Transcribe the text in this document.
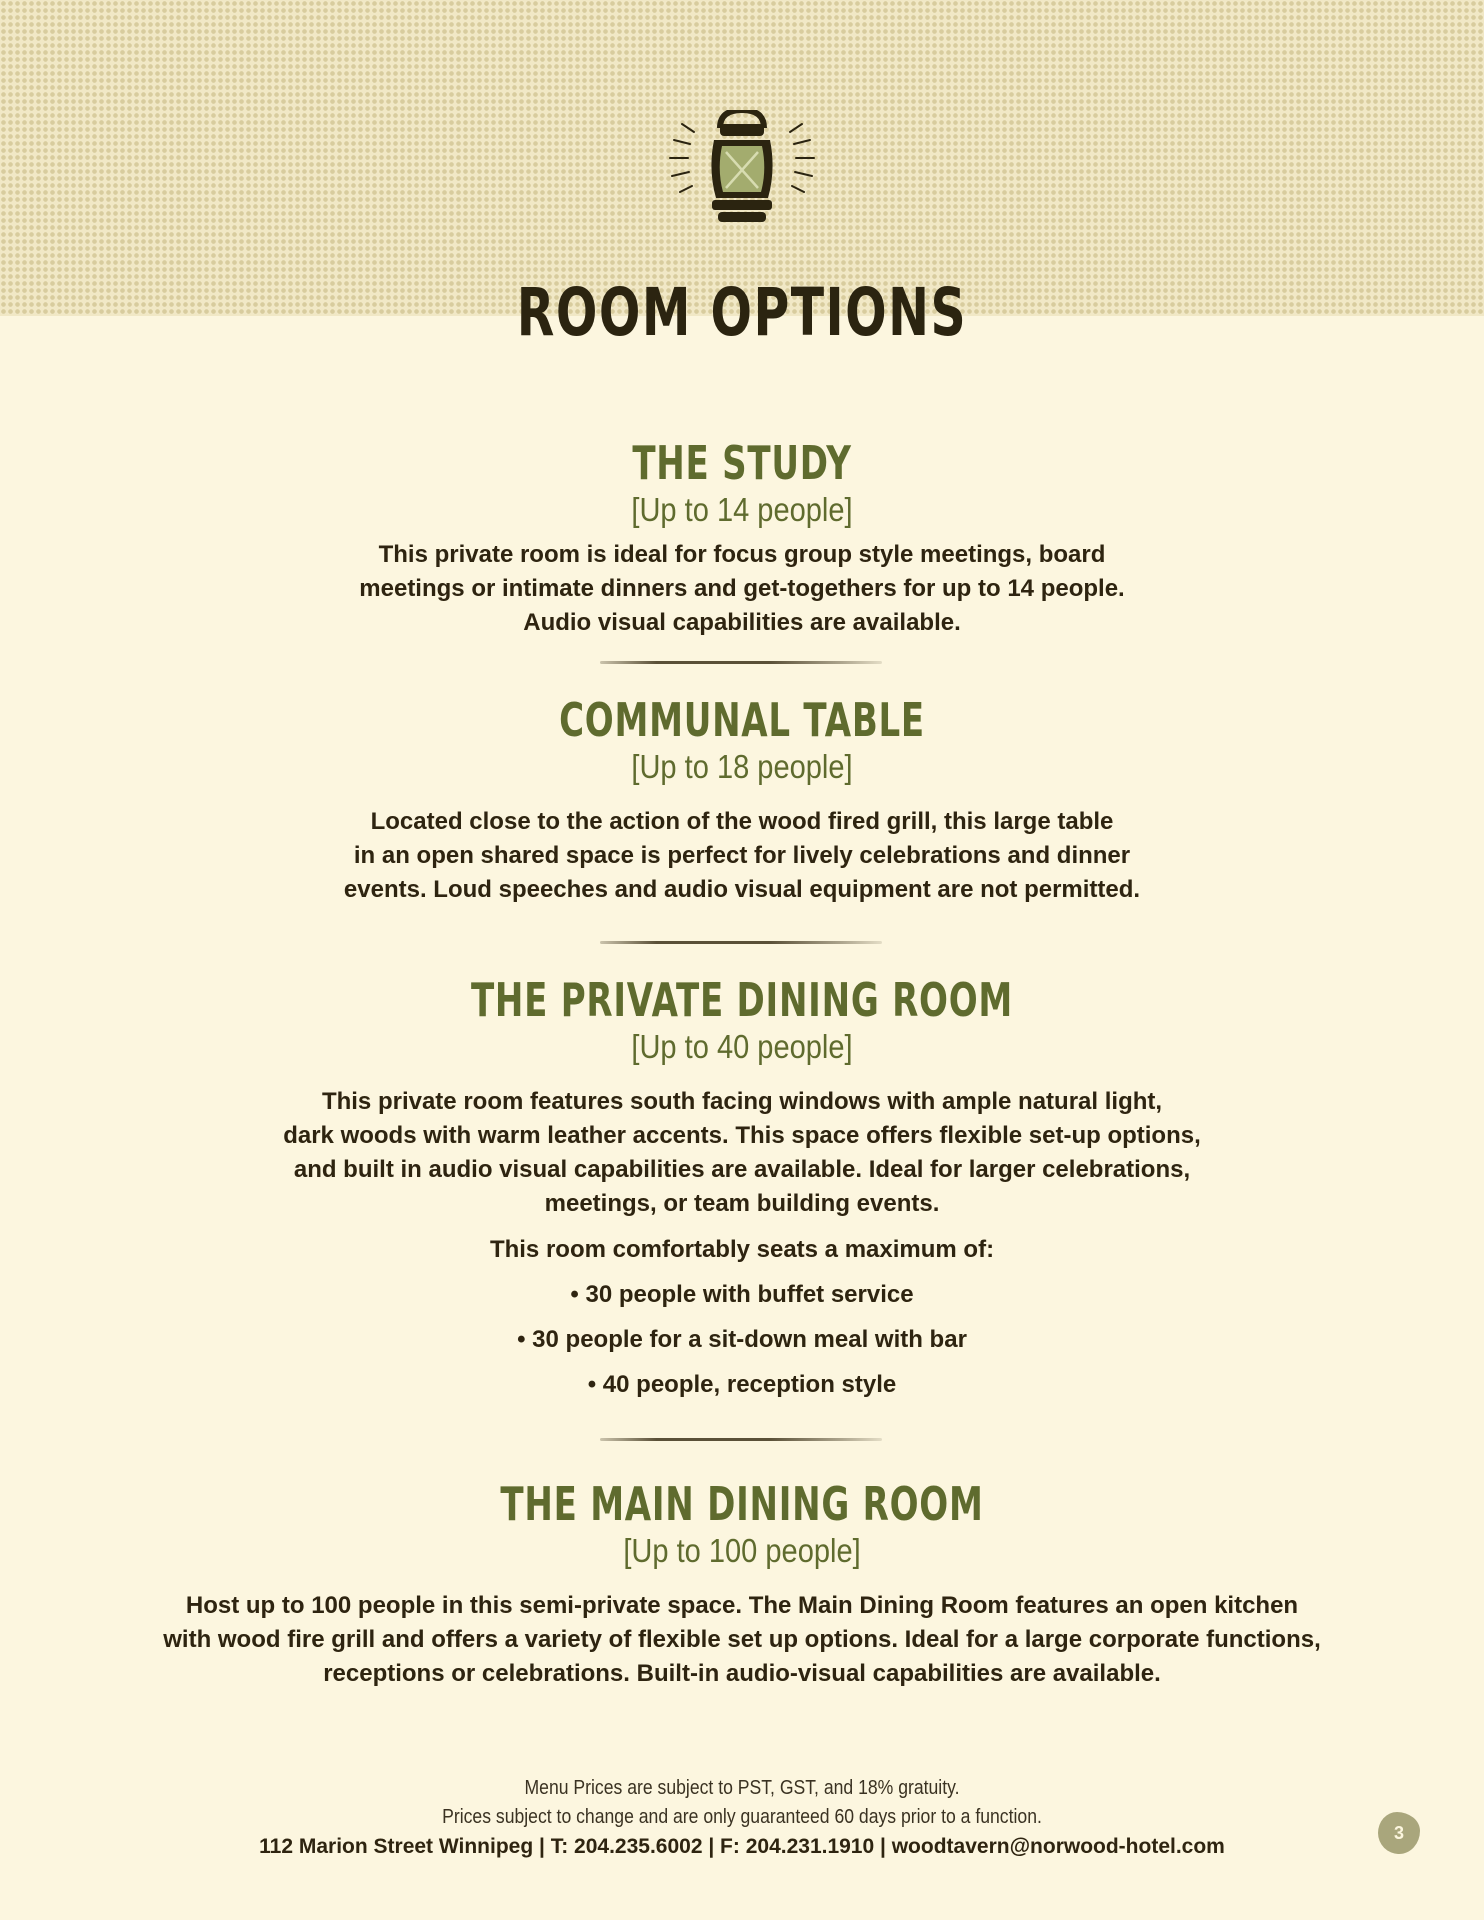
ROOM OPTIONS
THE STUDY
[Up to 14 people]

This private room is ideal for focus group style meetings, board

meetings or intimate dinners and get-togethers for up to 14 people.

Audio visual capabilities are available.

COMMUNAL TABLE
[Up to 18 people]

Located close to the action of the wood fired grill, this large table

in an open shared space is perfect for lively celebrations and dinner

events. Loud speeches and audio visual equipment are not permitted.

THE PRIVATE DINING ROOM
[Up to 40 people]

This private room features south facing windows with ample natural light,

dark woods with warm leather accents. This space offers flexible set-up options,

and built in audio visual capabilities are available. Ideal for larger celebrations,

meetings, or team building events.

This room comfortably seats a maximum of:
• 30 people with buffet service
• 30 people for a sit-down meal with bar
• 40 people, reception style
THE MAIN DINING ROOM
[Up to 100 people]

Host up to 100 people in this semi-private space. The Main Dining Room features an open kitchen

with wood fire grill and offers a variety of flexible set up options. Ideal for a large corporate functions,

receptions or celebrations. Built-in audio-visual capabilities are available.

Menu Prices are subject to PST, GST, and 18% gratuity.
Prices subject to change and are only guaranteed 60 days prior to a function.
112 Marion Street Winnipeg | T: 204.235.6002 | F: 204.231.1910 | woodtavern@norwood-hotel.com
3
